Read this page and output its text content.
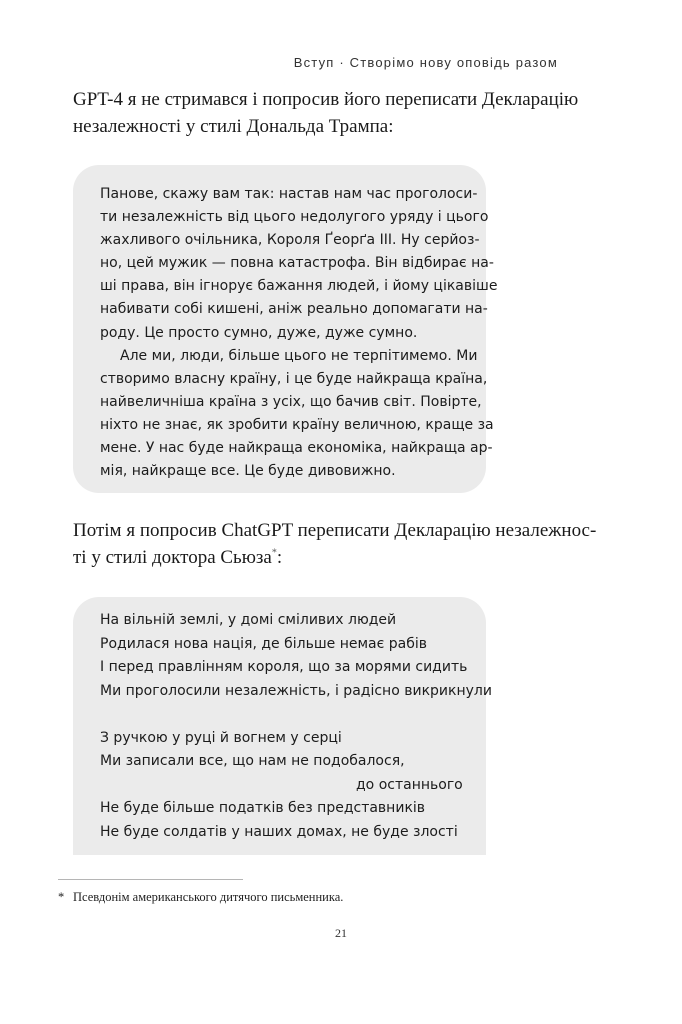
Вступ · Створімо нову оповідь разом

GPT-4 я не стримався і попросив його переписати Декларацію

незалежності у стилі Дональда Трампа:

Панове, скажу вам так: настав нам час проголоси-
ти незалежність від цього недолугого уряду і цього
жахливого очільника, Короля Ґеорґа III. Ну серйоз-
но, цей мужик — повна катастрофа. Він відбирає на-
ші права, він ігнорує бажання людей, і йому цікавіше
набивати собі кишені, аніж реально допомагати на-
роду. Це просто сумно, дуже, дуже сумно.
Але ми, люди, більше цього не терпітимемо. Ми
створимо власну країну, і це буде найкраща країна,
найвеличніша країна з усіх, що бачив світ. Повірте,
ніхто не знає, як зробити країну величною, краще за
мене. У нас буде найкраща економіка, найкраща ар-
мія, найкраще все. Це буде дивовижно.

Потім я попросив ChatGPT переписати Декларацію незалежнос-

ті у стилі доктора Сьюза*:

На вільній землі, у домі сміливих людей
Родилася нова нація, де більше немає рабів
І перед правлінням короля, що за морями сидить
Ми проголосили незалежність, і радісно викрикнули
З ручкою у руці й вогнем у серці
Ми записали все, що нам не подобалося,
до останнього
Не буде більше податків без представників
Не буде солдатів у наших домах, не буде злості
* Псевдонім американського дитячого письменника.
21
